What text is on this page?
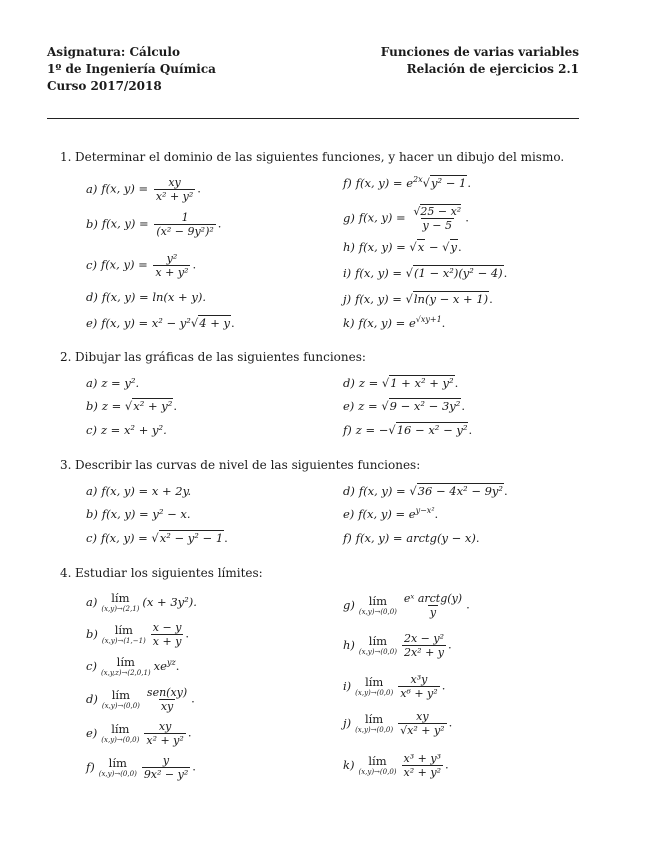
Asignatura: Cálculo
1º de Ingeniería Química
Curso 2017/2018
Funciones de varias variables
Relación de ejercicios 2.1
1. Determinar el dominio de las siguientes funciones, y hacer un dibujo del mismo.
a) f(x, $y) = \frac{xy}{\text{x² + y²}}$ .
b) f(x, $y) = \frac{1}{\text{(x² − 9y²)²}}$ .
c) f(x, $y) = \frac{\text{y²}}{\text{x + y²}}$ .
d) f(x, y) = ln(x + y).
e) f(x, y) = x² − y²√4 + y.
f) f(x, $y) = e^{2x}√y^2 - 1$.
g) f(x, $y) = \frac{\text{√25 − x²}}{y - 5}$ .
h) f(x, y) = √x − √y.
i) f(x, y) = √(1 − x²)(y² − 4).
j) f(x, y) = √ln(y − x + 1).
k) f(x, $y) = e^{√xy+1}$.
2. Dibujar las gráficas de las siguientes funciones:
a) z = y².
b) z = √x² + y².
c) z = x² + y².
d) z = √1 + x² + y².
e) z = √9 − x² − 3y².
f) z = −√16 − x² − y².
3. Describir las curvas de nivel de las siguientes funciones:
a) f(x, y) = x + 2y.
b) f(x, y) = y² − x.
c) f(x, y) = √x² − y² − 1.
d) f(x, y) = √36 − 4x² − 9y².
e) f(x, $y) = e^{y-x^2}$.
f) f(x, y) = arctg(y − x).
4. Estudiar los siguientes límites:
a) lím
(x,y)→(2,1) (x + 3y²).
b) lím
$(x,y)\to(1,-1) \frac{x - y}{x + y}$ .
c) lím
(x,y,z)→(2,0,1) $xe^{yz}$.
d) lím
$(x,y)\to(0,0) \frac{\text{sen(xy)}}{xy}$ .
e) lím
$(x,y)\to(0,0) \frac{xy}{\text{x² + y²}}$ .
f) lím
$(x,y)\to(0,0) \frac{y}{\text{9x² − y²}}$ .
g) lím
$(x,y)\to(0,0) \frac{\text{eˣ arctg(y)}}{y}$ .
h) lím
$(x,y)\to(0,0) \frac{\text{2x − y²}}{\text{2x² + y}}$ .
i) lím
$(x,y)\to(0,0) \frac{\text{x³y}}{\text{x⁶ + y²}}$ .
j) lím
$(x,y)\to(0,0) \frac{xy}{\text{√x² + y²}}$ .
k) lím
$(x,y)\to(0,0) \frac{\text{x³ + y³}}{\text{x² + y²}}$ .
